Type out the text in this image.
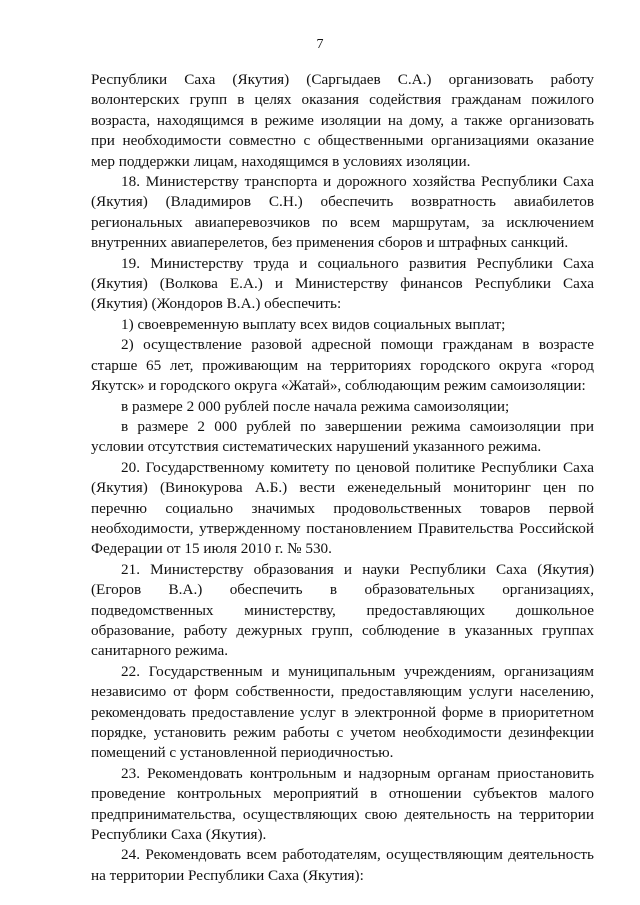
7

Республики Саха (Якутия) (Саргыдаев С.А.) организовать работу волонтерских групп в целях оказания содействия гражданам пожилого возраста, находящимся в режиме изоляции на дому, а также организовать при необходимости совместно с общественными организациями оказание мер поддержки лицам, находящимся в условиях изоляции.

18. Министерству транспорта и дорожного хозяйства Республики Саха (Якутия) (Владимиров С.Н.) обеспечить возвратность авиабилетов региональных авиаперевозчиков по всем маршрутам, за исключением внутренних авиаперелетов, без применения сборов и штрафных санкций.

19. Министерству труда и социального развития Республики Саха (Якутия) (Волкова Е.А.) и Министерству финансов Республики Саха (Якутия) (Жондоров В.А.) обеспечить:

1) своевременную выплату всех видов социальных выплат;

2) осуществление разовой адресной помощи гражданам в возрасте старше 65 лет, проживающим на территориях городского округа «город Якутск» и городского округа «Жатай», соблюдающим режим самоизоляции:

в размере 2 000 рублей после начала режима самоизоляции;

в размере 2 000 рублей по завершении режима самоизоляции при условии отсутствия систематических нарушений указанного режима.

20. Государственному комитету по ценовой политике Республики Саха (Якутия) (Винокурова А.Б.) вести еженедельный мониторинг цен по перечню социально значимых продовольственных товаров первой необходимости, утвержденному постановлением Правительства Российской Федерации от 15 июля 2010 г. № 530.

21. Министерству образования и науки Республики Саха (Якутия) (Егоров В.А.) обеспечить в образовательных организациях, подведомственных министерству, предоставляющих дошкольное образование, работу дежурных групп, соблюдение в указанных группах санитарного режима.

22. Государственным и муниципальным учреждениям, организациям независимо от форм собственности, предоставляющим услуги населению, рекомендовать предоставление услуг в электронной форме в приоритетном порядке, установить режим работы с учетом необходимости дезинфекции помещений с установленной периодичностью.

23. Рекомендовать контрольным и надзорным органам приостановить проведение контрольных мероприятий в отношении субъектов малого предпринимательства, осуществляющих свою деятельность на территории Республики Саха (Якутия).

24. Рекомендовать всем работодателям, осуществляющим деятельность на территории Республики Саха (Якутия):
